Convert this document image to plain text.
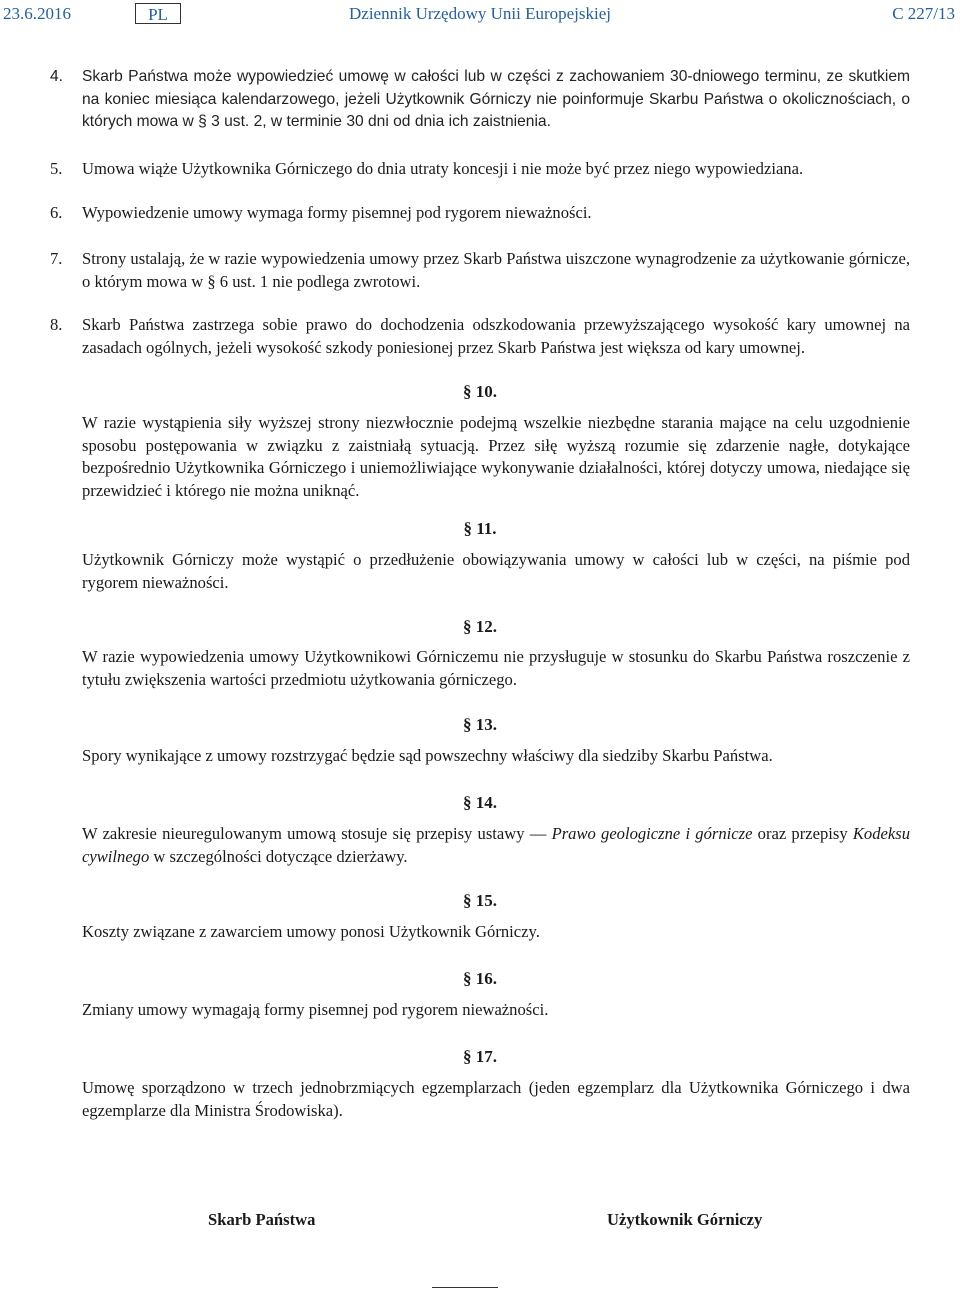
23.6.2016	PL	Dziennik Urzędowy Unii Europejskiej	C 227/13
4. Skarb Państwa może wypowiedzieć umowę w całości lub w części z zachowaniem 30-dniowego terminu, ze skutkiem na koniec miesiąca kalendarzowego, jeżeli Użytkownik Górniczy nie poinformuje Skarbu Państwa o okolicznościach, o których mowa w § 3 ust. 2, w terminie 30 dni od dnia ich zaistnienia.
5. Umowa wiąże Użytkownika Górniczego do dnia utraty koncesji i nie może być przez niego wypowiedziana.
6. Wypowiedzenie umowy wymaga formy pisemnej pod rygorem nieważności.
7. Strony ustalają, że w razie wypowiedzenia umowy przez Skarb Państwa uiszczone wynagrodzenie za użytkowanie górnicze, o którym mowa w § 6 ust. 1 nie podlega zwrotowi.
8. Skarb Państwa zastrzega sobie prawo do dochodzenia odszkodowania przewyższającego wysokość kary umownej na zasadach ogólnych, jeżeli wysokość szkody poniesionej przez Skarb Państwa jest większa od kary umownej.
§ 10.
W razie wystąpienia siły wyższej strony niezwłocznie podejmą wszelkie niezbędne starania mające na celu uzgodnienie sposobu postępowania w związku z zaistniałą sytuacją. Przez siłę wyższą rozumie się zdarzenie nagłe, dotykające bezpośrednio Użytkownika Górniczego i uniemożliwiające wykonywanie działalności, której dotyczy umowa, niedające się przewidzieć i którego nie można uniknąć.
§ 11.
Użytkownik Górniczy może wystąpić o przedłużenie obowiązywania umowy w całości lub w części, na piśmie pod rygorem nieważności.
§ 12.
W razie wypowiedzenia umowy Użytkownikowi Górniczemu nie przysługuje w stosunku do Skarbu Państwa roszczenie z tytułu zwiększenia wartości przedmiotu użytkowania górniczego.
§ 13.
Spory wynikające z umowy rozstrzygać będzie sąd powszechny właściwy dla siedziby Skarbu Państwa.
§ 14.
W zakresie nieuregulowanym umową stosuje się przepisy ustawy — Prawo geologiczne i górnicze oraz przepisy Kodeksu cywilnego w szczególności dotyczące dzierżawy.
§ 15.
Koszty związane z zawarciem umowy ponosi Użytkownik Górniczy.
§ 16.
Zmiany umowy wymagają formy pisemnej pod rygorem nieważności.
§ 17.
Umowę sporządzono w trzech jednobrzmiących egzemplarzach (jeden egzemplarz dla Użytkownika Górniczego i dwa egzemplarze dla Ministra Środowiska).
Skarb Państwa	Użytkownik Górniczy
